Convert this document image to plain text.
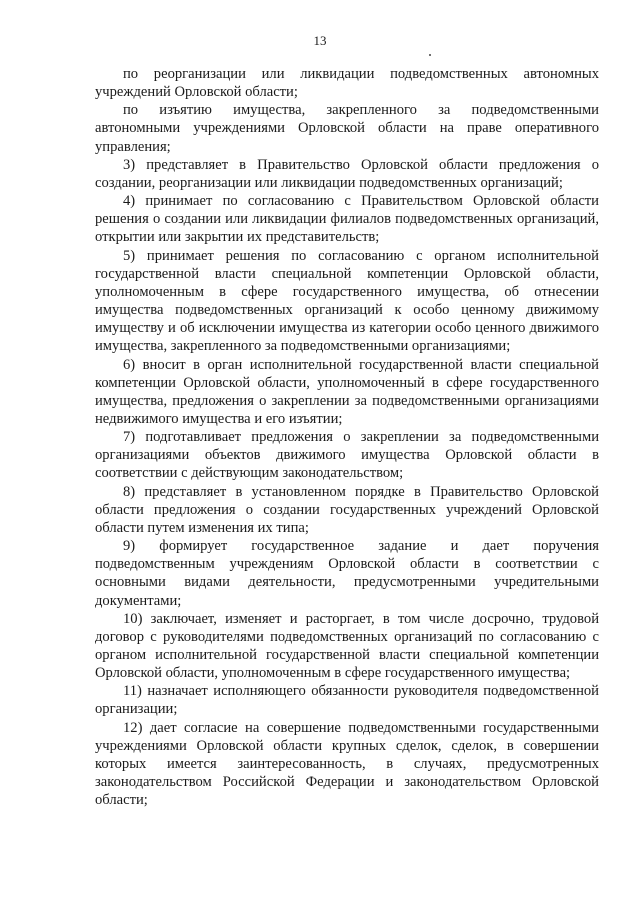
13

по реорганизации или ликвидации подведомственных автономных учреждений Орловской области;

по изъятию имущества, закрепленного за подведомственными автономными учреждениями Орловской области на праве оперативного управления;

3) представляет в Правительство Орловской области предложения о создании, реорганизации или ликвидации подведомственных организаций;

4) принимает по согласованию с Правительством Орловской области решения о создании или ликвидации филиалов подведомственных организаций, открытии или закрытии их представительств;

5) принимает решения по согласованию с органом исполнительной государственной власти специальной компетенции Орловской области, уполномоченным в сфере государственного имущества, об отнесении имущества подведомственных организаций к особо ценному движимому имуществу и об исключении имущества из категории особо ценного движимого имущества, закрепленного за подведомственными организациями;

6) вносит в орган исполнительной государственной власти специальной компетенции Орловской области, уполномоченный в сфере государственного имущества, предложения о закреплении за подведомственными организациями недвижимого имущества и его изъятии;

7) подготавливает предложения о закреплении за подведомственными организациями объектов движимого имущества Орловской области в соответствии с действующим законодательством;

8) представляет в установленном порядке в Правительство Орловской области предложения о создании государственных учреждений Орловской области путем изменения их типа;

9) формирует государственное задание и дает поручения подведомственным учреждениям Орловской области в соответствии с основными видами деятельности, предусмотренными учредительными документами;

10) заключает, изменяет и расторгает, в том числе досрочно, трудовой договор с руководителями подведомственных организаций по согласованию с органом исполнительной государственной власти специальной компетенции Орловской области, уполномоченным в сфере государственного имущества;

11) назначает исполняющего обязанности руководителя подведомственной организации;

12) дает согласие на совершение подведомственными государственными учреждениями Орловской области крупных сделок, сделок, в совершении которых имеется заинтересованность, в случаях, предусмотренных законодательством Российской Федерации и законодательством Орловской области;
